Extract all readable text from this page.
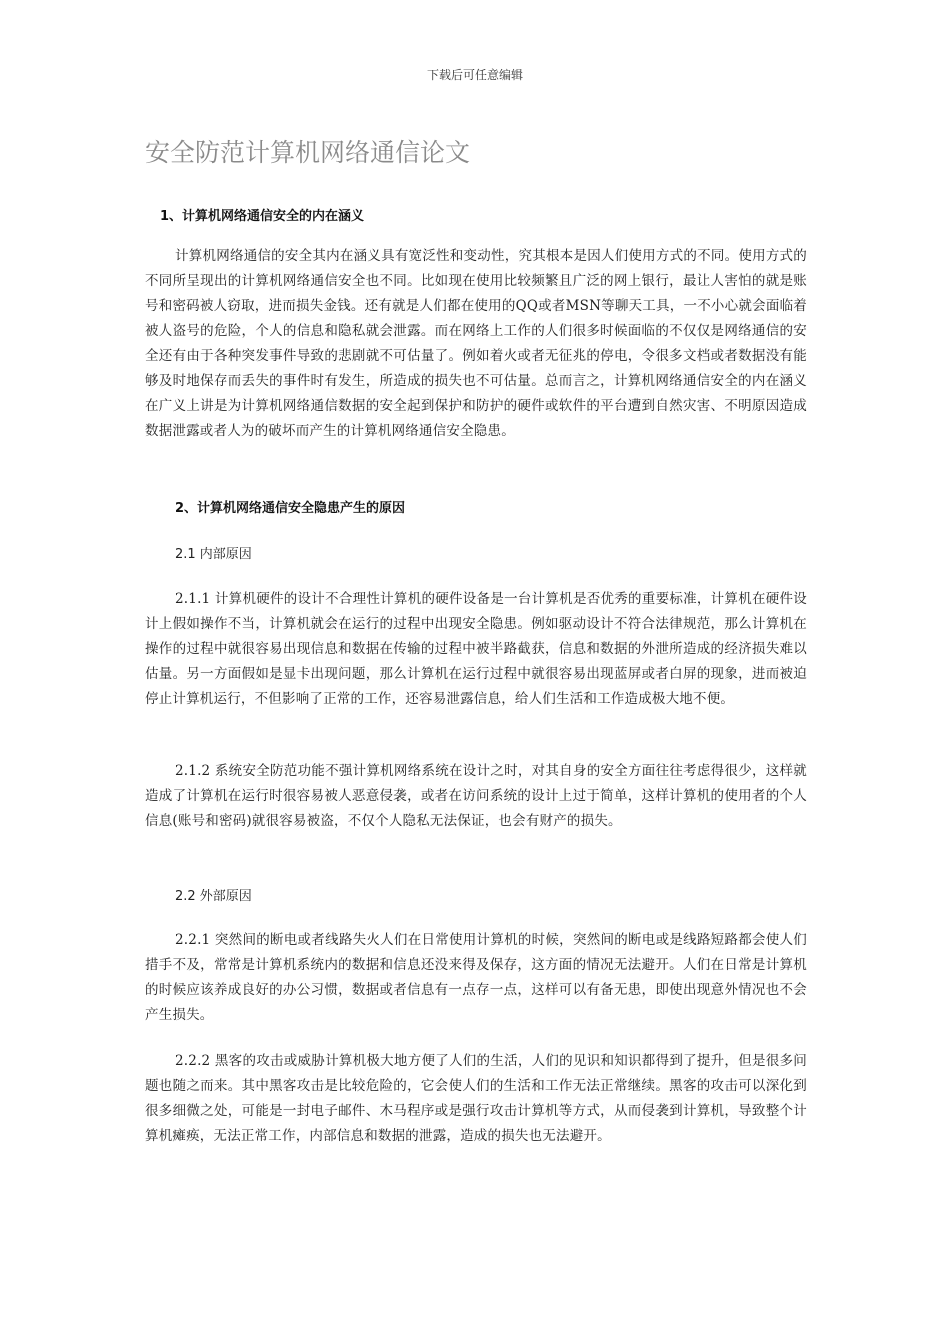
下载后可任意编辑
安全防范计算机网络通信论文
1、计算机网络通信安全的内在涵义
计算机网络通信的安全其内在涵义具有宽泛性和变动性，究其根本是因人们使用方式的不同。使用方式的不同所呈现出的计算机网络通信安全也不同。比如现在使用比较频繁且广泛的网上银行，最让人害怕的就是账号和密码被人窃取，进而损失金钱。还有就是人们都在使用的QQ或者MSN等聊天工具，一不小心就会面临着被人盗号的危险，个人的信息和隐私就会泄露。而在网络上工作的人们很多时候面临的不仅仅是网络通信的安全还有由于各种突发事件导致的悲剧就不可估量了。例如着火或者无征兆的停电，令很多文档或者数据没有能够及时地保存而丢失的事件时有发生，所造成的损失也不可估量。总而言之，计算机网络通信安全的内在涵义在广义上讲是为计算机网络通信数据的安全起到保护和防护的硬件或软件的平台遭到自然灾害、不明原因造成数据泄露或者人为的破坏而产生的计算机网络通信安全隐患。
2、计算机网络通信安全隐患产生的原因
2.1 内部原因
2.1.1 计算机硬件的设计不合理性计算机的硬件设备是一台计算机是否优秀的重要标准，计算机在硬件设计上假如操作不当，计算机就会在运行的过程中出现安全隐患。例如驱动设计不符合法律规范，那么计算机在操作的过程中就很容易出现信息和数据在传输的过程中被半路截获，信息和数据的外泄所造成的经济损失难以估量。另一方面假如是显卡出现问题，那么计算机在运行过程中就很容易出现蓝屏或者白屏的现象，进而被迫停止计算机运行，不但影响了正常的工作，还容易泄露信息，给人们生活和工作造成极大地不便。
2.1.2 系统安全防范功能不强计算机网络系统在设计之时，对其自身的安全方面往往考虑得很少，这样就造成了计算机在运行时很容易被人恶意侵袭，或者在访问系统的设计上过于简单，这样计算机的使用者的个人信息(账号和密码)就很容易被盗，不仅个人隐私无法保证，也会有财产的损失。
2.2 外部原因
2.2.1 突然间的断电或者线路失火人们在日常使用计算机的时候，突然间的断电或是线路短路都会使人们措手不及，常常是计算机系统内的数据和信息还没来得及保存，这方面的情况无法避开。人们在日常是计算机的时候应该养成良好的办公习惯，数据或者信息有一点存一点，这样可以有备无患，即使出现意外情况也不会产生损失。
2.2.2 黑客的攻击或威胁计算机极大地方便了人们的生活，人们的见识和知识都得到了提升，但是很多问题也随之而来。其中黑客攻击是比较危险的，它会使人们的生活和工作无法正常继续。黑客的攻击可以深化到很多细微之处，可能是一封电子邮件、木马程序或是强行攻击计算机等方式，从而侵袭到计算机，导致整个计算机瘫痪，无法正常工作，内部信息和数据的泄露，造成的损失也无法避开。
